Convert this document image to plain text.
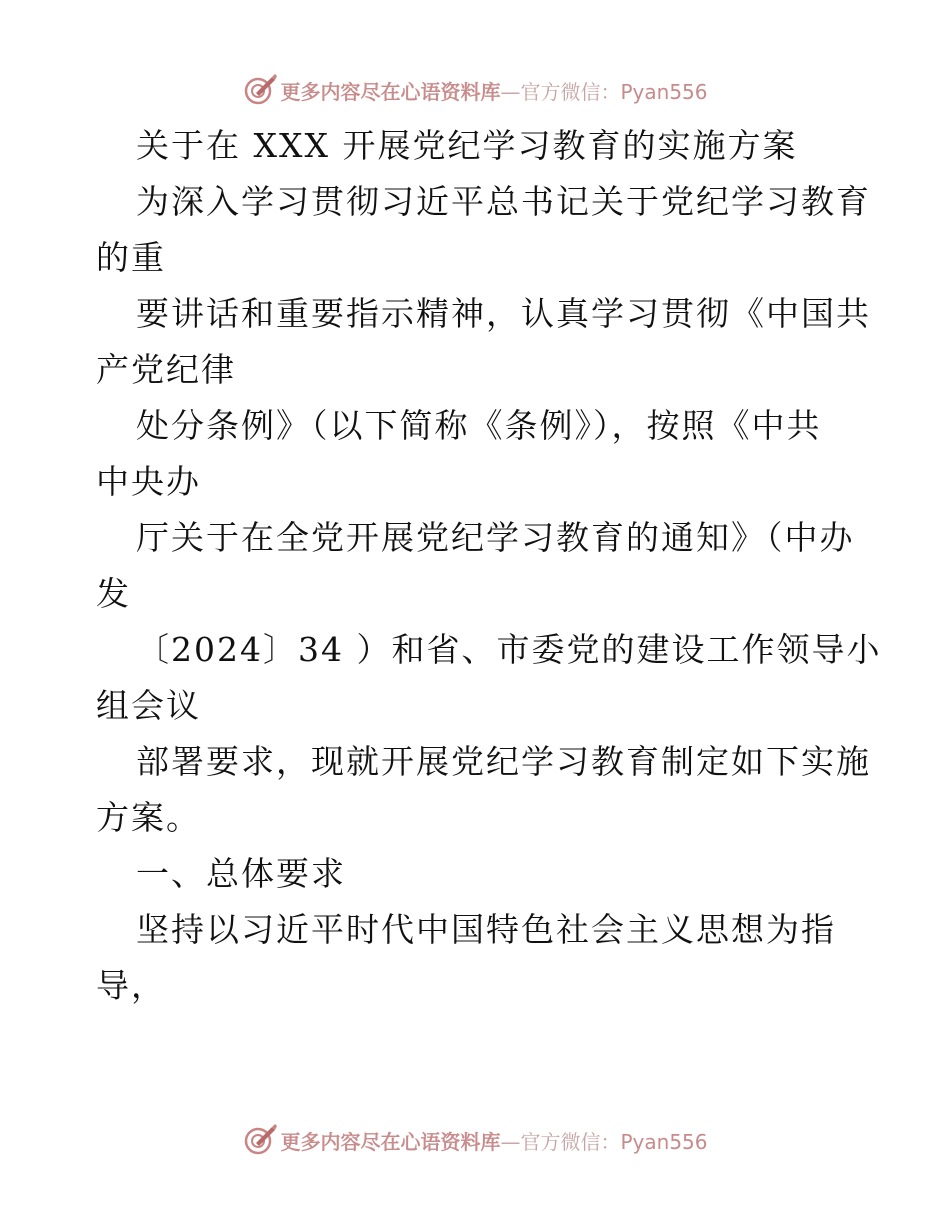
更多内容尽在心语资料库—官方微信：Pyan556
关于在 XXX 开展党纪学习教育的实施方案
为深入学习贯彻习近平总书记关于党纪学习教育
的重
要讲话和重要指示精神，认真学习贯彻《中国共
产党纪律
处分条例》（以下简称《条例》），按照《中共
中央办
厅关于在全党开展党纪学习教育的通知》（中办
发
〔2024〕34 ）和省、市委党的建设工作领导小
组会议
部署要求，现就开展党纪学习教育制定如下实施
方案。
一、总体要求
坚持以习近平时代中国特色社会主义思想为指
导，
更多内容尽在心语资料库—官方微信：Pyan556
